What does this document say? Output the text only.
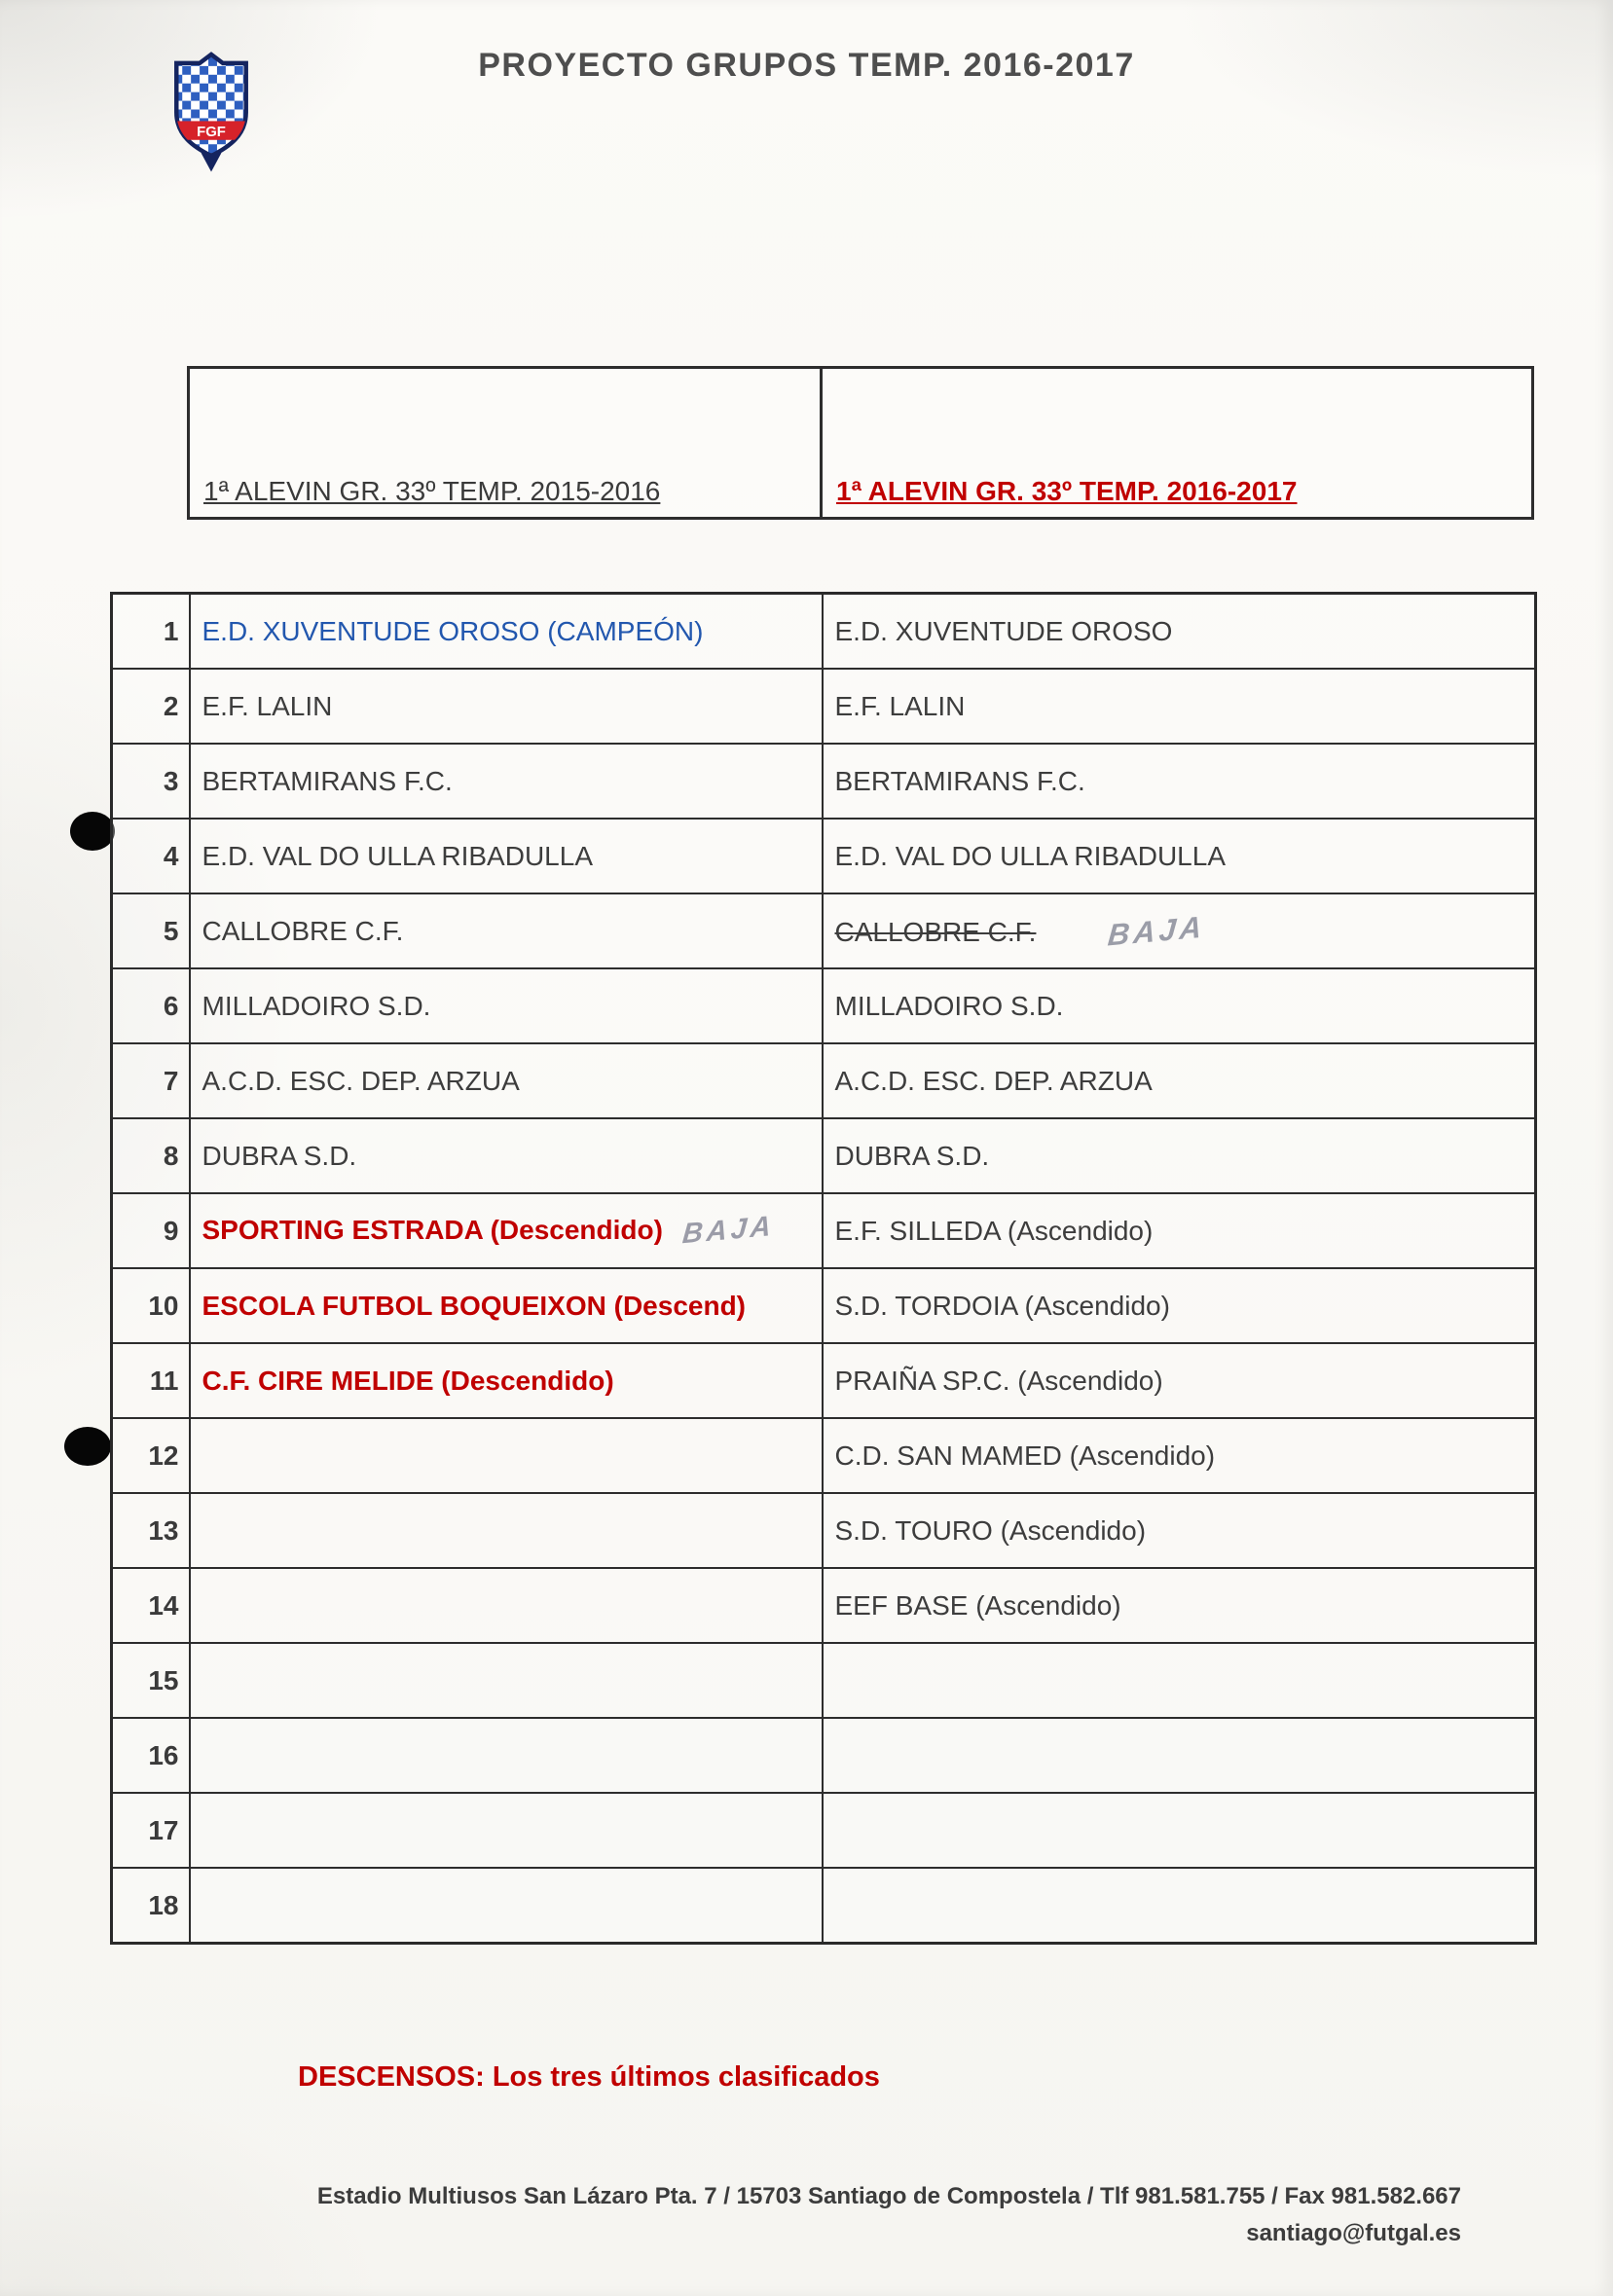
FGF
PROYECTO GRUPOS TEMP. 2016-2017
1ª ALEVIN GR. 33º TEMP. 2015-2016	1ª ALEVIN GR. 33º TEMP. 2016-2017
1	E.D. XUVENTUDE OROSO (CAMPEÓN)	E.D. XUVENTUDE OROSO
2	E.F. LALIN	E.F. LALIN
3	BERTAMIRANS F.C.	BERTAMIRANS F.C.
4	E.D. VAL DO ULLA RIBADULLA	E.D. VAL DO ULLA RIBADULLA
5	CALLOBRE C.F.	CALLOBRE C.F. BAJA
6	MILLADOIRO S.D.	MILLADOIRO S.D.
7	A.C.D. ESC. DEP. ARZUA	A.C.D. ESC. DEP. ARZUA
8	DUBRA S.D.	DUBRA S.D.
9	SPORTING ESTRADA (Descendido) BAJA	E.F. SILLEDA (Ascendido)
10	ESCOLA FUTBOL BOQUEIXON (Descend)	S.D. TORDOIA (Ascendido)
11	C.F. CIRE MELIDE (Descendido)	PRAIÑA SP.C. (Ascendido)
12		C.D. SAN MAMED (Ascendido)
13		S.D. TOURO (Ascendido)
14		EEF BASE (Ascendido)
15		
16		
17		
18		
DESCENSOS: Los tres últimos clasificados
Estadio Multiusos San Lázaro Pta. 7 / 15703 Santiago de Compostela / Tlf 981.581.755 / Fax 981.582.667
santiago@futgal.es
